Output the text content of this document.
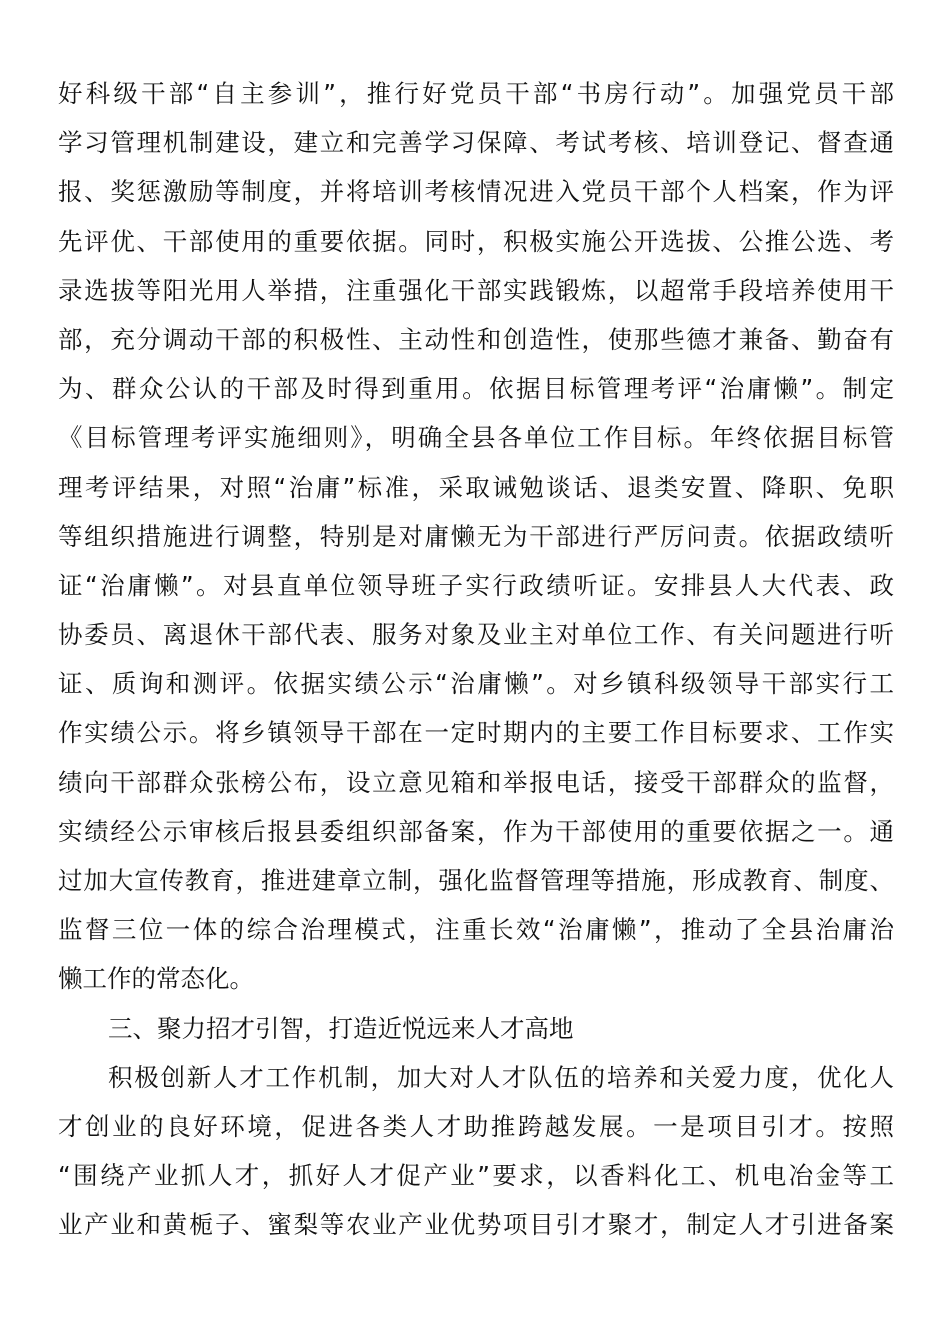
好科级干部“自主参训”，推行好党员干部“书房行动”。加强党员干部
学习管理机制建设，建立和完善学习保障、考试考核、培训登记、督查通
报、奖惩激励等制度，并将培训考核情况进入党员干部个人档案，作为评
先评优、干部使用的重要依据。同时，积极实施公开选拔、公推公选、考
录选拔等阳光用人举措，注重强化干部实践锻炼，以超常手段培养使用干
部，充分调动干部的积极性、主动性和创造性，使那些德才兼备、勤奋有
为、群众公认的干部及时得到重用。依据目标管理考评“治庸懒”。制定
《目标管理考评实施细则》，明确全县各单位工作目标。年终依据目标管
理考评结果，对照“治庸”标准，采取诫勉谈话、退类安置、降职、免职
等组织措施进行调整，特别是对庸懒无为干部进行严厉问责。依据政绩听
证“治庸懒”。对县直单位领导班子实行政绩听证。安排县人大代表、政
协委员、离退休干部代表、服务对象及业主对单位工作、有关问题进行听
证、质询和测评。依据实绩公示“治庸懒”。对乡镇科级领导干部实行工
作实绩公示。将乡镇领导干部在一定时期内的主要工作目标要求、工作实
绩向干部群众张榜公布，设立意见箱和举报电话，接受干部群众的监督，
实绩经公示审核后报县委组织部备案，作为干部使用的重要依据之一。通
过加大宣传教育，推进建章立制，强化监督管理等措施，形成教育、制度、
监督三位一体的综合治理模式，注重长效“治庸懒”，推动了全县治庸治
懒工作的常态化。
三、聚力招才引智，打造近悦远来人才高地
积极创新人才工作机制，加大对人才队伍的培养和关爱力度，优化人
才创业的良好环境，促进各类人才助推跨越发展。一是项目引才。按照
“围绕产业抓人才，抓好人才促产业”要求，以香料化工、机电冶金等工
业产业和黄栀子、蜜梨等农业产业优势项目引才聚才，制定人才引进备案
